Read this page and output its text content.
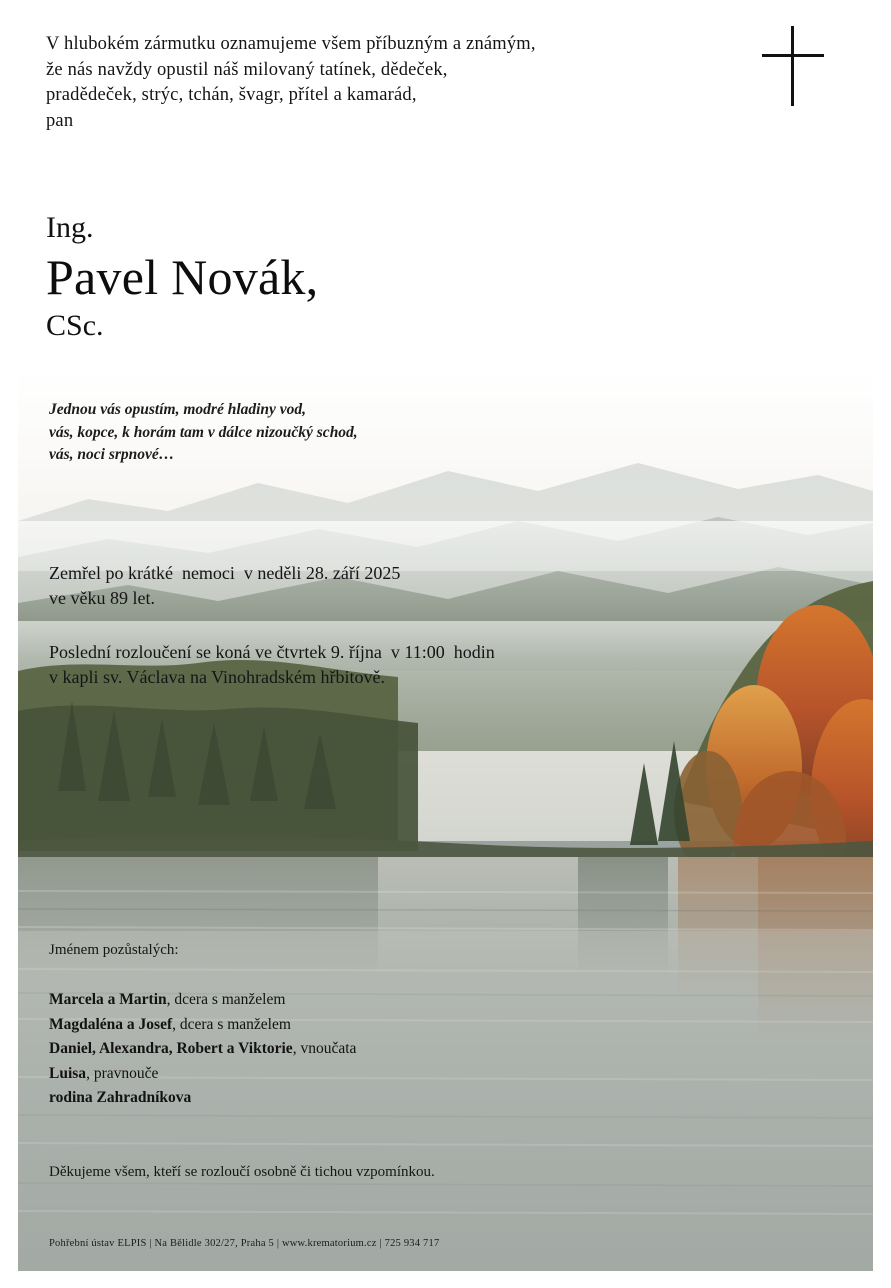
V hlubokém zármutku oznamujeme všem příbuzným a známým,
že nás navždy opustil náš milovaný tatínek, dědeček,
pradědeček, strýc, tchán, švagr, přítel a kamarád,
pan
Ing.
Pavel Novák,
CSc.
Jednou vás opustím, modré hladiny vod,
vás, kopce, k horám tam v dálce nizoučký schod,
vás, noci srpnové…
Zemřel po krátké  nemoci  v neděli 28. září 2025
ve věku 89 let.
Poslední rozloučení se koná ve čtvrtek 9. října  v 11:00  hodin
v kapli sv. Václava na Vinohradském hřbitově.
Jménem pozůstalých:
Marcela a Martin, dcera s manželem
Magdaléna a Josef, dcera s manželem
Daniel, Alexandra, Robert a Viktorie, vnoučata
Luisa, pravnouče
rodina Zahradníkova
Děkujeme všem, kteří se rozloučí osobně či tichou vzpomínkou.
Pohřební ústav ELPIS | Na Bělidle 302/27, Praha 5 | www.krematorium.cz | 725 934 717
